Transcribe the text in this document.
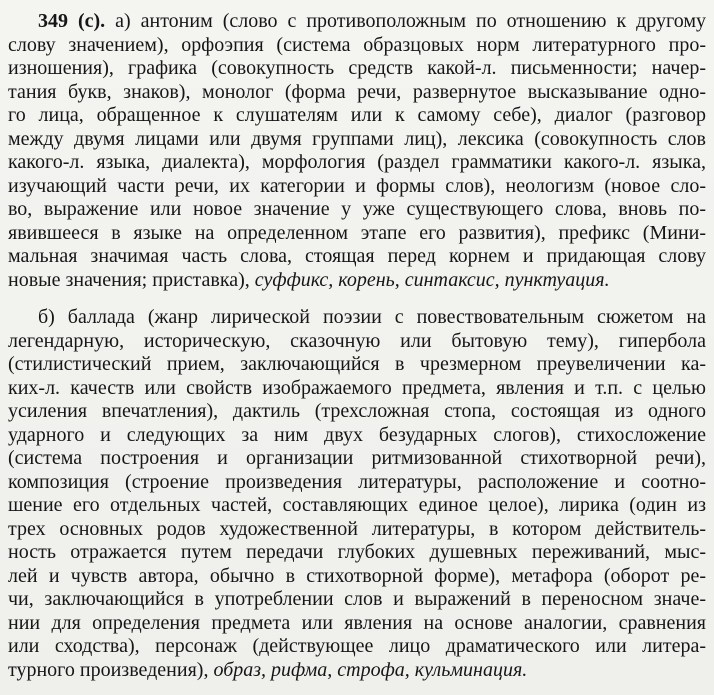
349 (с). а) антоним (слово с противоположным по отношению к другому
слову значением), орфоэпия (система образцовых норм литературного про-
изношения), графика (совокупность средств какой-л. письменности; начер-
тания букв, знаков), монолог (форма речи, развернутое высказывание одно-
го лица, обращенное к слушателям или к самому себе), диалог (разговор
между двумя лицами или двумя группами лиц), лексика (совокупность слов
какого-л. языка, диалекта), морфология (раздел грамматики какого-л. языка,
изучающий части речи, их категории и формы слов), неологизм (новое сло-
во, выражение или новое значение у уже существующего слова, вновь по-
явившееся в языке на определенном этапе его развития), префикс (Мини-
мальная значимая часть слова, стоящая перед корнем и придающая слову
новые значения; приставка), суффикс, корень, синтаксис, пунктуация.
б) баллада (жанр лирической поэзии с повествовательным сюжетом на
легендарную, историческую, сказочную или бытовую тему), гипербола
(стилистический прием, заключающийся в чрезмерном преувеличении ка-
ких-л. качеств или свойств изображаемого предмета, явления и т.п. с целью
усиления впечатления), дактиль (трехсложная стопа, состоящая из одного
ударного и следующих за ним двух безударных слогов), стихосложение
(система построения и организации ритмизованной стихотворной речи),
композиция (строение произведения литературы, расположение и соотно-
шение его отдельных частей, составляющих единое целое), лирика (один из
трех основных родов художественной литературы, в котором действитель-
ность отражается путем передачи глубоких душевных переживаний, мыс-
лей и чувств автора, обычно в стихотворной форме), метафора (оборот ре-
чи, заключающийся в употреблении слов и выражений в переносном значе-
нии для определения предмета или явления на основе аналогии, сравнения
или сходства), персонаж (действующее лицо драматического или литера-
турного произведения), образ, рифма, строфа, кульминация.
